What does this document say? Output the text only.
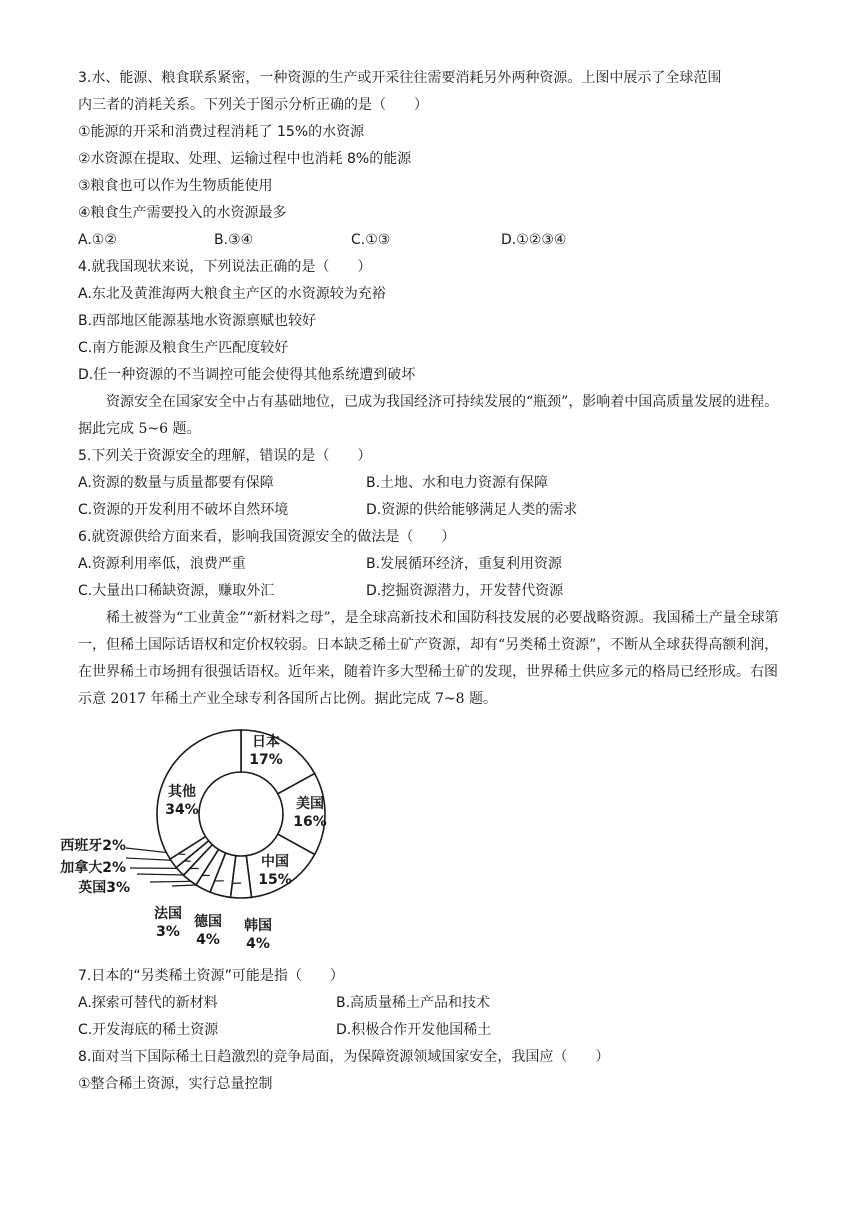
3.水、能源、粮食联系紧密，一种资源的生产或开采往往需要消耗另外两种资源。上图中展示了全球范围
内三者的消耗关系。下列关于图示分析正确的是（　　）
①能源的开采和消费过程消耗了 15%的水资源
②水资源在提取、处理、运输过程中也消耗 8%的能源
③粮食也可以作为生物质能使用
④粮食生产需要投入的水资源最多
A.①②	B.③④	C.①③	D.①②③④
4.就我国现状来说，下列说法正确的是（　　）
A.东北及黄淮海两大粮食主产区的水资源较为充裕
B.西部地区能源基地水资源禀赋也较好
C.南方能源及粮食生产匹配度较好
D.任一种资源的不当调控可能会使得其他系统遭到破坏
资源安全在国家安全中占有基础地位，已成为我国经济可持续发展的“瓶颈”，影响着中国高质量发展的进程。据此完成 5~6 题。
5.下列关于资源安全的理解，错误的是（　　）
A.资源的数量与质量都要有保障	B.土地、水和电力资源有保障
C.资源的开发利用不破坏自然环境	D.资源的供给能够满足人类的需求
6.就资源供给方面来看，影响我国资源安全的做法是（　　）
A.资源利用率低，浪费严重	B.发展循环经济，重复利用资源
C.大量出口稀缺资源，赚取外汇	D.挖掘资源潜力，开发替代资源
稀土被誉为“工业黄金”“新材料之母”，是全球高新技术和国防科技发展的必要战略资源。我国稀土产量全球第一，但稀土国际话语权和定价权较弱。日本缺乏稀土矿产资源，却有“另类稀土资源”，不断从全球获得高额利润，在世界稀土市场拥有很强话语权。近年来，随着许多大型稀土矿的发现，世界稀土供应多元的格局已经形成。右图示意 2017 年稀土产业全球专利各国所占比例。据此完成 7~8 题。
日本
17%
美国
16%
中国
15%
韩国
4%
德国
4%
法国
3%
英国3%
加拿大2%
西班牙2%
其他
34%
7.日本的“另类稀土资源”可能是指（　　）
A.探索可替代的新材料	B.高质量稀土产品和技术
C.开发海底的稀土资源	D.积极合作开发他国稀土
8.面对当下国际稀土日趋激烈的竞争局面，为保障资源领域国家安全，我国应（　　）
①整合稀土资源，实行总量控制
